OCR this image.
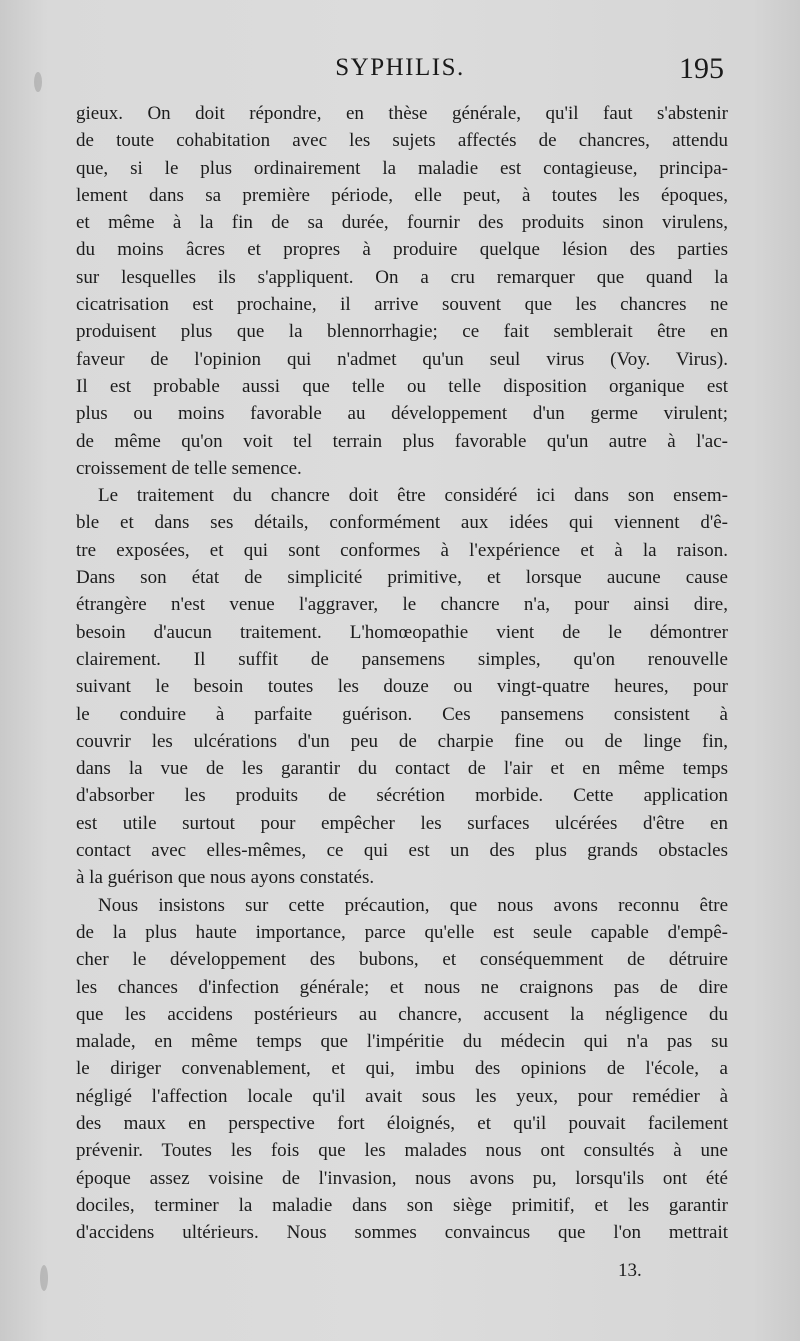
SYPHILIS.	195
gieux. On doit répondre, en thèse générale, qu'il faut s'abstenir
de toute cohabitation avec les sujets affectés de chancres, attendu
que, si le plus ordinairement la maladie est contagieuse, principa-
lement dans sa première période, elle peut, à toutes les époques,
et même à la fin de sa durée, fournir des produits sinon virulens,
du moins âcres et propres à produire quelque lésion des parties
sur lesquelles ils s'appliquent. On a cru remarquer que quand la
cicatrisation est prochaine, il arrive souvent que les chancres ne
produisent plus que la blennorrhagie; ce fait semblerait être en
faveur de l'opinion qui n'admet qu'un seul virus (Voy. Virus).
Il est probable aussi que telle ou telle disposition organique est
plus ou moins favorable au développement d'un germe virulent;
de même qu'on voit tel terrain plus favorable qu'un autre à l'ac-
croissement de telle semence.
Le traitement du chancre doit être considéré ici dans son ensem-
ble et dans ses détails, conformément aux idées qui viennent d'ê-
tre exposées, et qui sont conformes à l'expérience et à la raison.
Dans son état de simplicité primitive, et lorsque aucune cause
étrangère n'est venue l'aggraver, le chancre n'a, pour ainsi dire,
besoin d'aucun traitement. L'homœopathie vient de le démontrer
clairement. Il suffit de pansemens simples, qu'on renouvelle
suivant le besoin toutes les douze ou vingt-quatre heures, pour
le conduire à parfaite guérison. Ces pansemens consistent à
couvrir les ulcérations d'un peu de charpie fine ou de linge fin,
dans la vue de les garantir du contact de l'air et en même temps
d'absorber les produits de sécrétion morbide. Cette application
est utile surtout pour empêcher les surfaces ulcérées d'être en
contact avec elles-mêmes, ce qui est un des plus grands obstacles
à la guérison que nous ayons constatés.
Nous insistons sur cette précaution, que nous avons reconnu être
de la plus haute importance, parce qu'elle est seule capable d'empê-
cher le développement des bubons, et conséquemment de détruire
les chances d'infection générale; et nous ne craignons pas de dire
que les accidens postérieurs au chancre, accusent la négligence du
malade, en même temps que l'impéritie du médecin qui n'a pas su
le diriger convenablement, et qui, imbu des opinions de l'école, a
négligé l'affection locale qu'il avait sous les yeux, pour remédier à
des maux en perspective fort éloignés, et qu'il pouvait facilement
prévenir. Toutes les fois que les malades nous ont consultés à une
époque assez voisine de l'invasion, nous avons pu, lorsqu'ils ont été
dociles, terminer la maladie dans son siège primitif, et les garantir
d'accidens ultérieurs. Nous sommes convaincus que l'on mettrait
13.
